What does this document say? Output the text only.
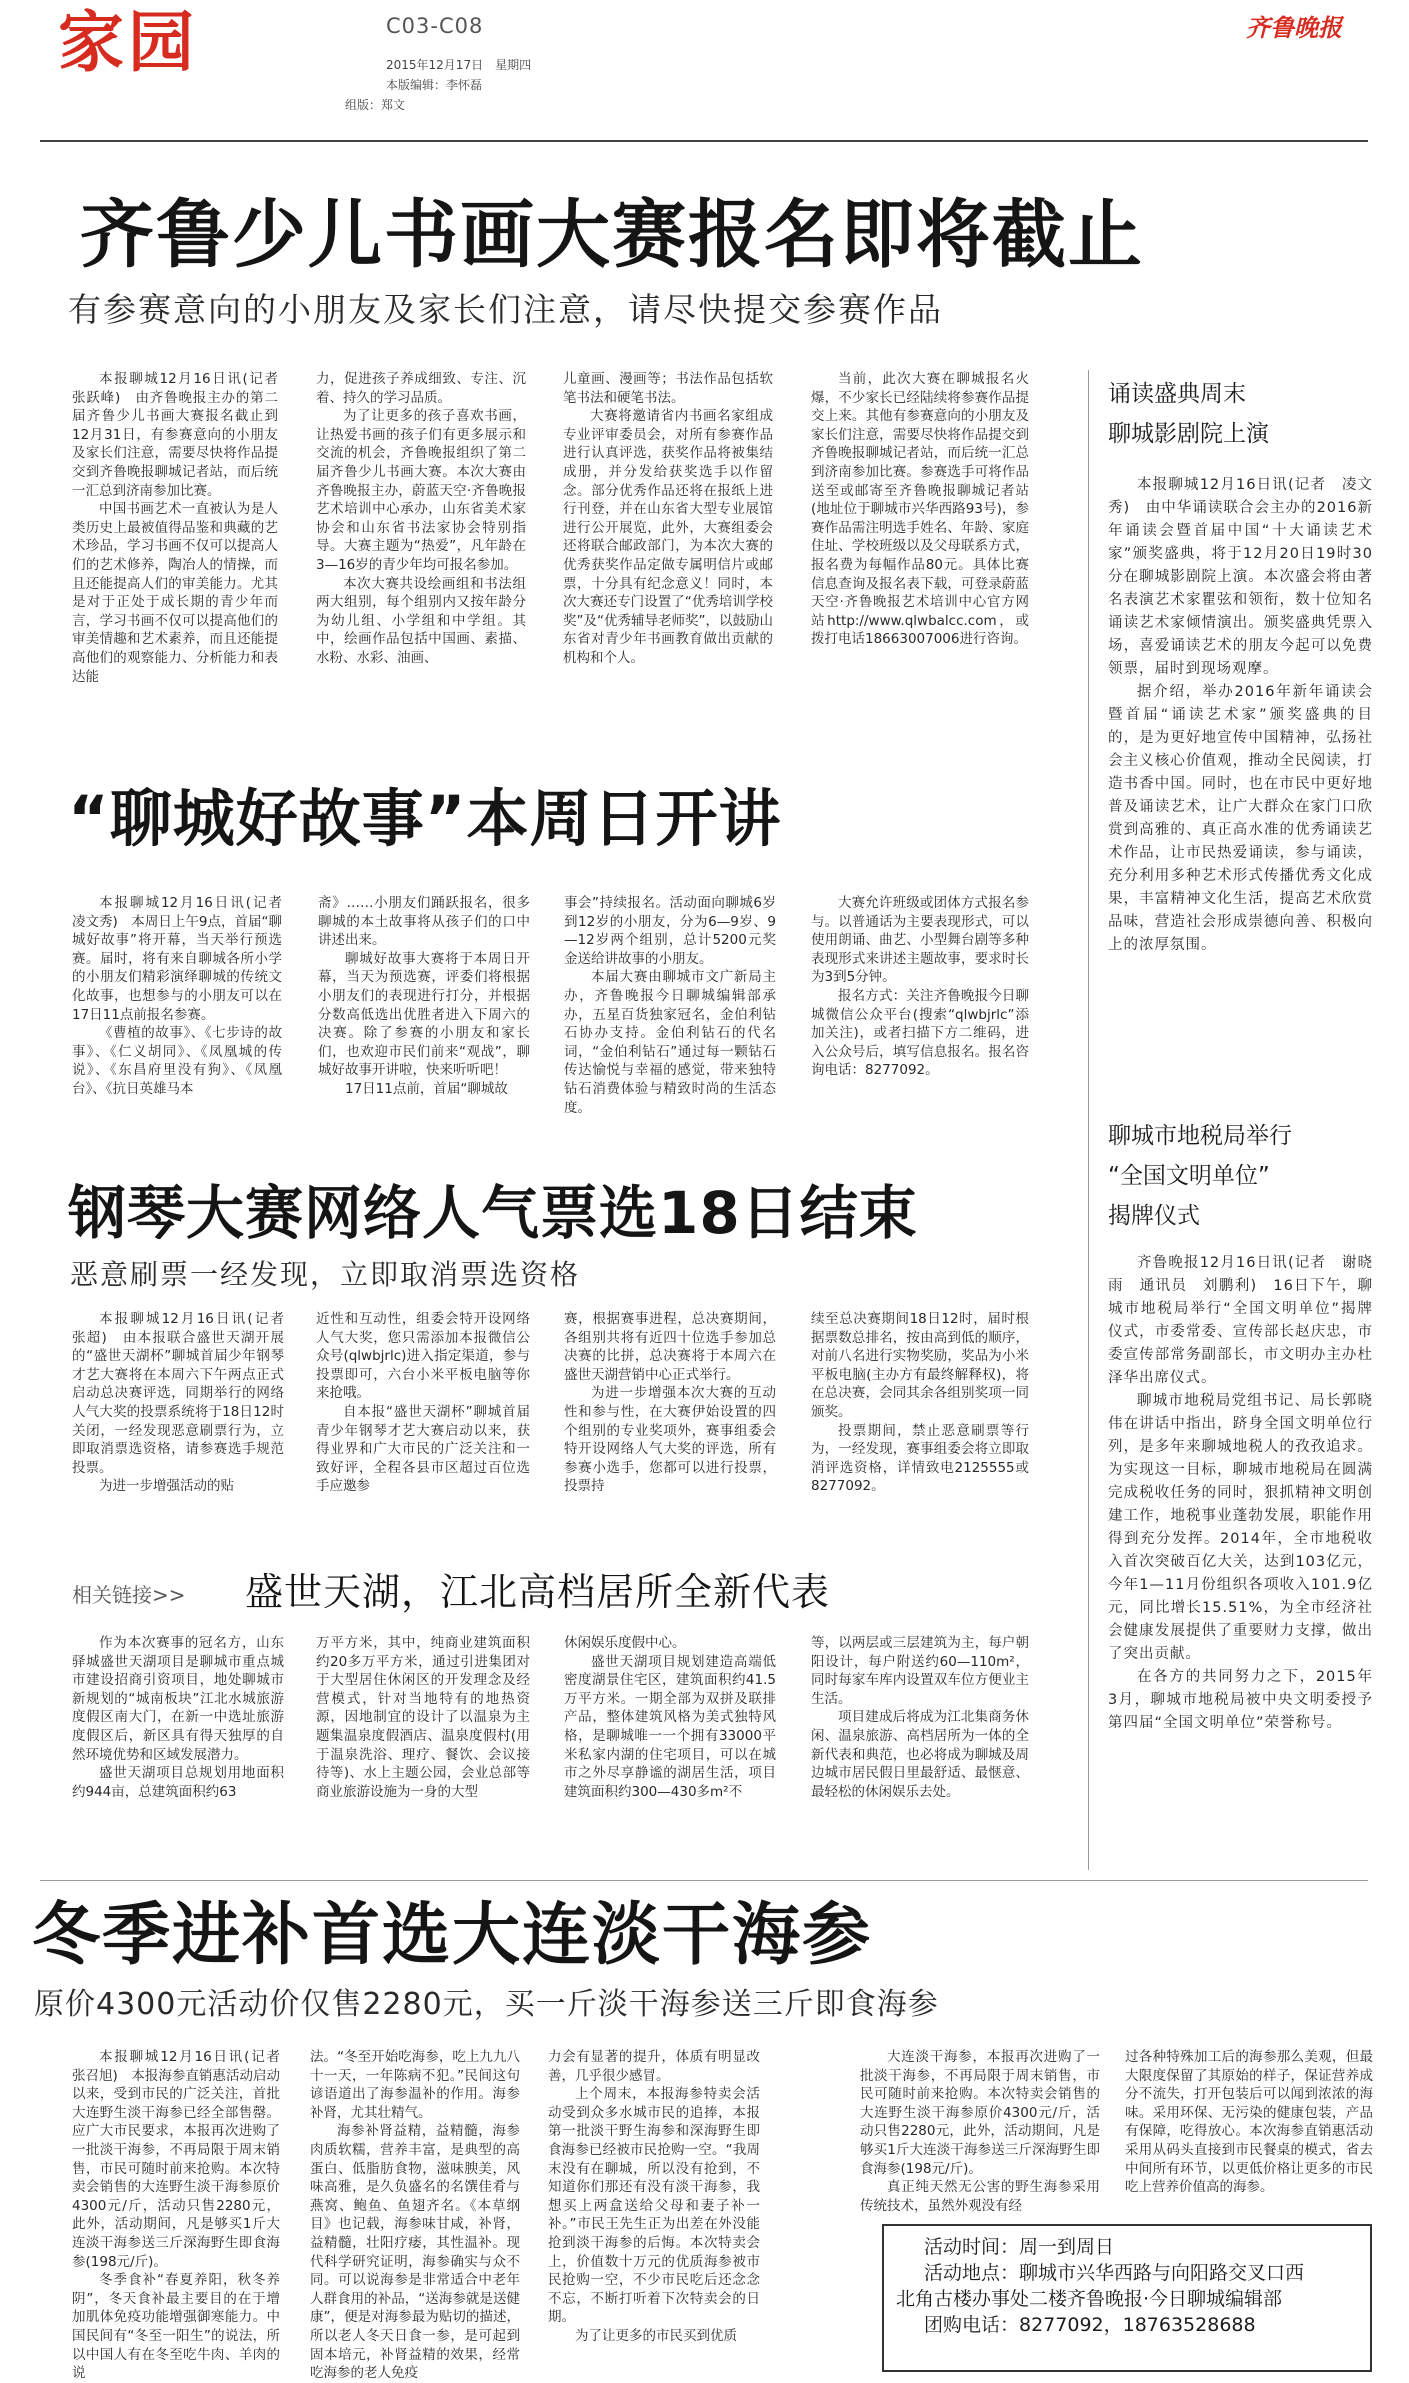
家园	C03-C08
2015年12月17日　星期四
本版编辑：李怀磊
组版：郑文
齐鲁晚报
齐鲁少儿书画大赛报名即将截止
有参赛意向的小朋友及家长们注意，请尽快提交参赛作品
本报聊城12月16日讯(记者　张跃峰)　由齐鲁晚报主办的第二届齐鲁少儿书画大赛报名截止到12月31日，有参赛意向的小朋友及家长们注意，需要尽快将作品提交到齐鲁晚报聊城记者站，而后统一汇总到济南参加比赛。
中国书画艺术一直被认为是人类历史上最被值得品鉴和典藏的艺术珍品，学习书画不仅可以提高人们的艺术修养，陶冶人的情操，而且还能提高人们的审美能力。尤其是对于正处于成长期的青少年而言，学习书画不仅可以提高他们的审美情趣和艺术素养，而且还能提高他们的观察能力、分析能力和表达能
力，促进孩子养成细致、专注、沉着、持久的学习品质。
为了让更多的孩子喜欢书画，让热爱书画的孩子们有更多展示和交流的机会，齐鲁晚报组织了第二届齐鲁少儿书画大赛。本次大赛由齐鲁晚报主办，蔚蓝天空·齐鲁晚报艺术培训中心承办，山东省美术家协会和山东省书法家协会特别指导。大赛主题为“热爱”，凡年龄在3—16岁的青少年均可报名参加。
本次大赛共设绘画组和书法组两大组别，每个组别内又按年龄分为幼儿组、小学组和中学组。其中，绘画作品包括中国画、素描、水粉、水彩、油画、
儿童画、漫画等；书法作品包括软笔书法和硬笔书法。
大赛将邀请省内书画名家组成专业评审委员会，对所有参赛作品进行认真评选，获奖作品将被集结成册，并分发给获奖选手以作留念。部分优秀作品还将在报纸上进行刊登，并在山东省大型专业展馆进行公开展览，此外，大赛组委会还将联合邮政部门，为本次大赛的优秀获奖作品定做专属明信片或邮票，十分具有纪念意义！同时，本次大赛还专门设置了“优秀培训学校奖”及“优秀辅导老师奖”，以鼓励山东省对青少年书画教育做出贡献的机构和个人。
当前，此次大赛在聊城报名火爆，不少家长已经陆续将参赛作品提交上来。其他有参赛意向的小朋友及家长们注意，需要尽快将作品提交到齐鲁晚报聊城记者站，而后统一汇总到济南参加比赛。参赛选手可将作品送至或邮寄至齐鲁晚报聊城记者站(地址位于聊城市兴华西路93号)，参赛作品需注明选手姓名、年龄、家庭住址、学校班级以及父母联系方式，报名费为每幅作品80元。具体比赛信息查询及报名表下载，可登录蔚蓝天空·齐鲁晚报艺术培训中心官方网站http://www.qlwbalcc.com，或拨打电话18663007006进行咨询。
“聊城好故事”本周日开讲
本报聊城12月16日讯(记者　凌文秀)　本周日上午9点，首届“聊城好故事”将开幕，当天举行预选赛。届时，将有来自聊城各所小学的小朋友们精彩演绎聊城的传统文化故事，也想参与的小朋友可以在17日11点前报名参赛。
《曹植的故事》、《七步诗的故事》、《仁义胡同》、《凤凰城的传说》、《东昌府里没有狗》、《凤凰台》、《抗日英雄马本
斋》……小朋友们踊跃报名，很多聊城的本土故事将从孩子们的口中讲述出来。
聊城好故事大赛将于本周日开幕，当天为预选赛，评委们将根据小朋友们的表现进行打分，并根据分数高低选出优胜者进入下周六的决赛。除了参赛的小朋友和家长们，也欢迎市民们前来“观战”，聊城好故事开讲啦，快来听听吧！
17日11点前，首届“聊城故
事会”持续报名。活动面向聊城6岁到12岁的小朋友，分为6—9岁、9—12岁两个组别，总计5200元奖金送给讲故事的小朋友。
本届大赛由聊城市文广新局主办，齐鲁晚报今日聊城编辑部承办，五星百货独家冠名，金伯利钻石协办支持。金伯利钻石的代名词，“金伯利钻石”通过每一颗钻石传达愉悦与幸福的感觉，带来独特钻石消费体验与精致时尚的生活态度。
大赛允许班级或团体方式报名参与。以普通话为主要表现形式，可以使用朗诵、曲艺、小型舞台剧等多种表现形式来讲述主题故事，要求时长为3到5分钟。
报名方式：关注齐鲁晚报今日聊城微信公众平台(搜索“qlwbjrlc”添加关注)，或者扫描下方二维码，进入公众号后，填写信息报名。报名咨询电话：8277092。
钢琴大赛网络人气票选18日结束
恶意刷票一经发现，立即取消票选资格
本报聊城12月16日讯(记者　张超)　由本报联合盛世天湖开展的“盛世天湖杯”聊城首届少年钢琴才艺大赛将在本周六下午两点正式启动总决赛评选，同期举行的网络人气大奖的投票系统将于18日12时关闭，一经发现恶意刷票行为，立即取消票选资格，请参赛选手规范投票。
为进一步增强活动的贴
近性和互动性，组委会特开设网络人气大奖，您只需添加本报微信公众号(qlwbjrlc)进入指定渠道，参与投票即可，六台小米平板电脑等你来抢哦。
自本报“盛世天湖杯”聊城首届青少年钢琴才艺大赛启动以来，获得业界和广大市民的广泛关注和一致好评，全程各县市区超过百位选手应邀参
赛，根据赛事进程，总决赛期间，各组别共将有近四十位选手参加总决赛的比拼，总决赛将于本周六在盛世天湖营销中心正式举行。
为进一步增强本次大赛的互动性和参与性，在大赛伊始设置的四个组别的专业奖项外，赛事组委会特开设网络人气大奖的评选，所有参赛小选手，您都可以进行投票，投票持
续至总决赛期间18日12时，届时根据票数总排名，按由高到低的顺序，对前八名进行实物奖励，奖品为小米平板电脑(主办方有最终解释权)，将在总决赛，会同其余各组别奖项一同颁奖。
投票期间，禁止恶意刷票等行为，一经发现，赛事组委会将立即取消评选资格，详情致电2125555或8277092。
相关链接>> 盛世天湖，江北高档居所全新代表
作为本次赛事的冠名方，山东驿城盛世天湖项目是聊城市重点城市建设招商引资项目，地处聊城市新规划的“城南板块”江北水城旅游度假区南大门，在新一中选址旅游度假区后，新区具有得天独厚的自然环境优势和区域发展潜力。
盛世天湖项目总规划用地面积约944亩，总建筑面积约63
万平方米，其中，纯商业建筑面积约20多万平方米，通过引进集团对于大型居住休闲区的开发理念及经营模式，针对当地特有的地热资源，因地制宜的设计了以温泉为主题集温泉度假酒店、温泉度假村(用于温泉洗浴、理疗、餐饮、会议接待等)、水上主题公园，会业总部等商业旅游设施为一身的大型
休闲娱乐度假中心。
盛世天湖项目规划建造高端低密度湖景住宅区，建筑面积约41.5万平方米。一期全部为双拼及联排产品，整体建筑风格为美式独特风格，是聊城唯一一个拥有33000平米私家内湖的住宅项目，可以在城市之外尽享静谧的湖居生活，项目建筑面积约300—430多m²不
等，以两层或三层建筑为主，每户朝阳设计，每户附送约60—110m²，同时每家车库内设置双车位方便业主生活。
项目建成后将成为江北集商务休闲、温泉旅游、高档居所为一体的全新代表和典范，也必将成为聊城及周边城市居民假日里最舒适、最惬意、最轻松的休闲娱乐去处。
冬季进补首选大连淡干海参
原价4300元活动价仅售2280元，买一斤淡干海参送三斤即食海参
本报聊城12月16日讯(记者　张召旭)　本报海参直销惠活动启动以来，受到市民的广泛关注，首批大连野生淡干海参已经全部售罄。应广大市民要求，本报再次进购了一批淡干海参，不再局限于周末销售，市民可随时前来抢购。本次特卖会销售的大连野生淡干海参原价4300元/斤，活动只售2280元，此外，活动期间，凡是够买1斤大连淡干海参送三斤深海野生即食海参(198元/斤)。
冬季食补“春夏养阳，秋冬养阴”，冬天食补最主要目的在于增加肌体免疫功能增强御寒能力。中国民间有“冬至一阳生”的说法，所以中国人有在冬至吃牛肉、羊肉的说
法。“冬至开始吃海参，吃上九九八十一天，一年陈病不犯。”民间这句谚语道出了海参温补的作用。海参补肾，尤其壮精气。
海参补肾益精，益精髓，海参肉质软糯，营养丰富，是典型的高蛋白、低脂肪食物，滋味腴美，风味高雅，是久负盛名的名馔佳肴与燕窝、鲍鱼、鱼翅齐名。《本草纲目》也记载，海参味甘咸，补肾，益精髓，壮阳疗痿，其性温补。现代科学研究证明，海参确实与众不同。可以说海参是非常适合中老年人群食用的补品，“送海参就是送健康”，便是对海参最为贴切的描述，所以老人冬天日食一参，是可起到固本培元，补肾益精的效果，经常吃海参的老人免疫
力会有显著的提升，体质有明显改善，几乎很少感冒。
上个周末，本报海参特卖会活动受到众多水城市民的追捧，本报第一批淡干野生海参和深海野生即食海参已经被市民抢购一空。“我周末没有在聊城，所以没有抢到，不知道你们那还有没有淡干海参，我想买上两盒送给父母和妻子补一补。”市民王先生正为出差在外没能抢到淡干海参的后悔。本次特卖会上，价值数十万元的优质海参被市民抢购一空，不少市民吃后还念念不忘，不断打听着下次特卖会的日期。
为了让更多的市民买到优质
大连淡干海参，本报再次进购了一批淡干海参，不再局限于周末销售，市民可随时前来抢购。本次特卖会销售的大连野生淡干海参原价4300元/斤，活动只售2280元，此外，活动期间，凡是够买1斤大连淡干海参送三斤深海野生即食海参(198元/斤)。
真正纯天然无公害的野生海参采用传统技术，虽然外观没有经
过各种特殊加工后的海参那么美观，但最大限度保留了其原始的样子，保证营养成分不流失，打开包装后可以闻到浓浓的海味。采用环保、无污染的健康包装，产品有保障，吃得放心。本次海参直销惠活动采用从码头直接到市民餐桌的模式，省去中间所有环节，以更低价格让更多的市民吃上营养价值高的海参。
活动时间：周一到周日
活动地点：聊城市兴华西路与向阳路交叉口西
北角古楼办事处二楼齐鲁晚报·今日聊城编辑部
团购电话：8277092，18763528688
诵读盛典周末
聊城影剧院上演
本报聊城12月16日讯(记者　凌文秀)　由中华诵读联合会主办的2016新年诵读会暨首届中国“十大诵读艺术家”颁奖盛典，将于12月20日19时30分在聊城影剧院上演。本次盛会将由著名表演艺术家瞿弦和领衔，数十位知名诵读艺术家倾情演出。颁奖盛典凭票入场，喜爱诵读艺术的朋友今起可以免费领票，届时到现场观摩。
据介绍，举办2016年新年诵读会暨首届“诵读艺术家”颁奖盛典的目的，是为更好地宣传中国精神，弘扬社会主义核心价值观，推动全民阅读，打造书香中国。同时，也在市民中更好地普及诵读艺术，让广大群众在家门口欣赏到高雅的、真正高水准的优秀诵读艺术作品，让市民热爱诵读，参与诵读，充分利用多种艺术形式传播优秀文化成果，丰富精神文化生活，提高艺术欣赏品味，营造社会形成崇德向善、积极向上的浓厚氛围。
聊城市地税局举行
“全国文明单位”
揭牌仪式
齐鲁晚报12月16日讯(记者　谢晓雨　通讯员　刘鹏利)　16日下午，聊城市地税局举行“全国文明单位”揭牌仪式，市委常委、宣传部长赵庆忠，市委宣传部常务副部长，市文明办主办杜泽华出席仪式。
聊城市地税局党组书记、局长郭晓伟在讲话中指出，跻身全国文明单位行列，是多年来聊城地税人的孜孜追求。为实现这一目标，聊城市地税局在圆满完成税收任务的同时，狠抓精神文明创建工作，地税事业蓬勃发展，职能作用得到充分发挥。2014年，全市地税收入首次突破百亿大关，达到103亿元，今年1—11月份组织各项收入101.9亿元，同比增长15.51%，为全市经济社会健康发展提供了重要财力支撑，做出了突出贡献。
在各方的共同努力之下，2015年3月，聊城市地税局被中央文明委授予第四届“全国文明单位”荣誉称号。
